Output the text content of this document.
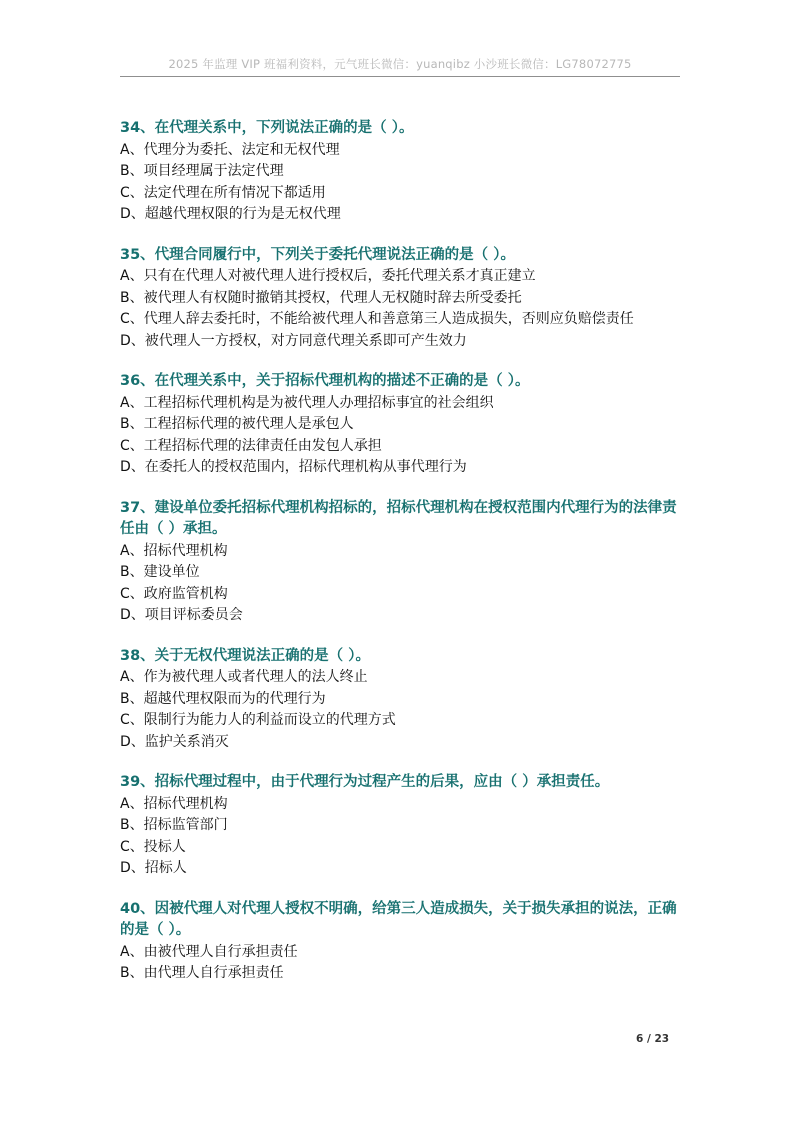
2025 年监理 VIP 班福利资料，元气班长微信：yuanqibz 小沙班长微信：LG78072775

34、在代理关系中，下列说法正确的是（ ）。

A、代理分为委托、法定和无权代理

B、项目经理属于法定代理

C、法定代理在所有情况下都适用

D、超越代理权限的行为是无权代理

35、代理合同履行中，下列关于委托代理说法正确的是（ ）。

A、只有在代理人对被代理人进行授权后，委托代理关系才真正建立

B、被代理人有权随时撤销其授权，代理人无权随时辞去所受委托

C、代理人辞去委托时，不能给被代理人和善意第三人造成损失，否则应负赔偿责任

D、被代理人一方授权，对方同意代理关系即可产生效力

36、在代理关系中，关于招标代理机构的描述不正确的是（ ）。

A、工程招标代理机构是为被代理人办理招标事宜的社会组织

B、工程招标代理的被代理人是承包人

C、工程招标代理的法律责任由发包人承担

D、在委托人的授权范围内，招标代理机构从事代理行为

37、建设单位委托招标代理机构招标的，招标代理机构在授权范围内代理行为的法律责任由（ ）承担。

A、招标代理机构

B、建设单位

C、政府监管机构

D、项目评标委员会

38、关于无权代理说法正确的是（ ）。

A、作为被代理人或者代理人的法人终止

B、超越代理权限而为的代理行为

C、限制行为能力人的利益而设立的代理方式

D、监护关系消灭

39、招标代理过程中，由于代理行为过程产生的后果，应由（ ）承担责任。

A、招标代理机构

B、招标监管部门

C、投标人

D、招标人

40、因被代理人对代理人授权不明确，给第三人造成损失，关于损失承担的说法，正确的是（ ）。

A、由被代理人自行承担责任

B、由代理人自行承担责任

6 / 23
